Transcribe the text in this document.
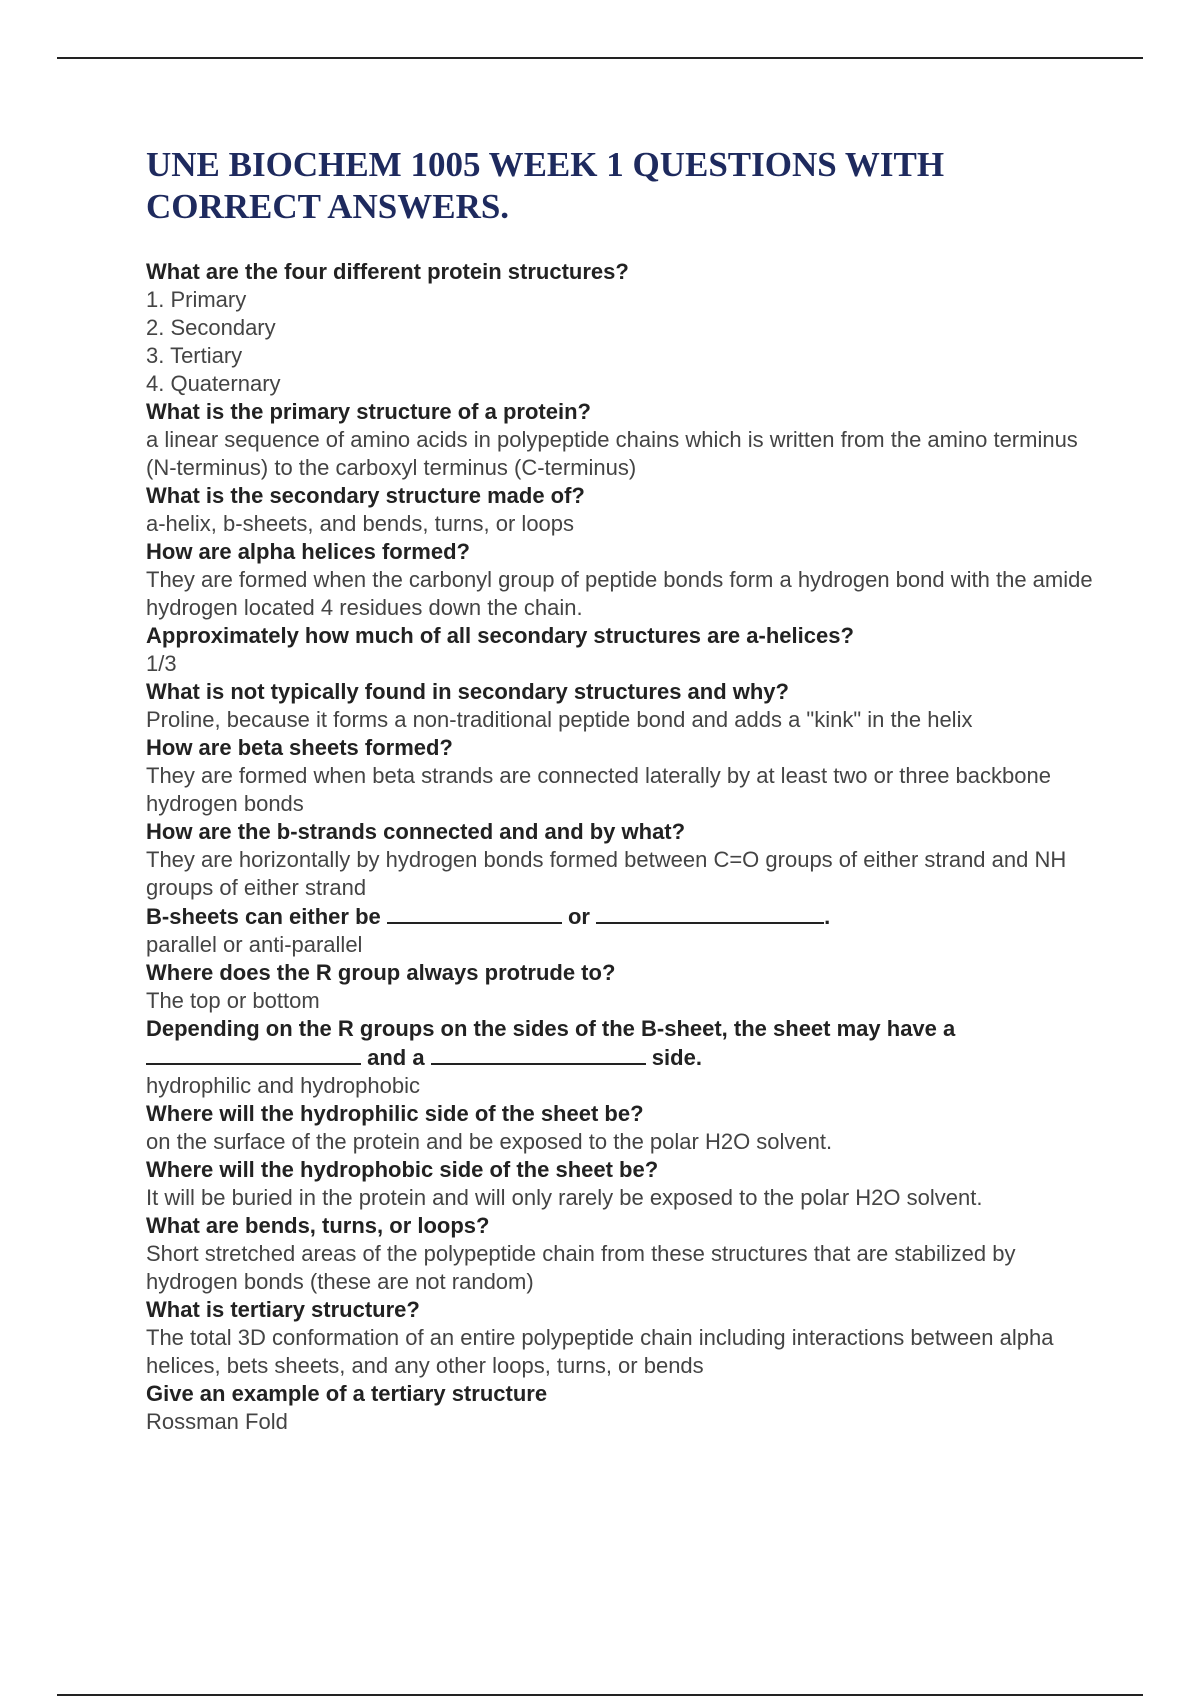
UNE BIOCHEM 1005 WEEK 1 QUESTIONS WITH CORRECT ANSWERS.

What are the four different protein structures?

1. Primary

2. Secondary

3. Tertiary

4. Quaternary

What is the primary structure of a protein?

a linear sequence of amino acids in polypeptide chains which is written from the amino terminus (N-terminus) to the carboxyl terminus (C-terminus)

What is the secondary structure made of?

a-helix, b-sheets, and bends, turns, or loops

How are alpha helices formed?

They are formed when the carbonyl group of peptide bonds form a hydrogen bond with the amide hydrogen located 4 residues down the chain.

Approximately how much of all secondary structures are a-helices?

1/3

What is not typically found in secondary structures and why?

Proline, because it forms a non-traditional peptide bond and adds a "kink" in the helix

How are beta sheets formed?

They are formed when beta strands are connected laterally by at least two or three backbone hydrogen bonds

How are the b-strands connected and and by what?

They are horizontally by hydrogen bonds formed between C=O groups of either strand and NH groups of either strand

B-sheets can either be	or	.

parallel or anti-parallel

Where does the R group always protrude to?

The top or bottom

Depending on the R groups on the sides of the B-sheet, the sheet may have a
and a	side.

hydrophilic and hydrophobic

Where will the hydrophilic side of the sheet be?

on the surface of the protein and be exposed to the polar H2O solvent.

Where will the hydrophobic side of the sheet be?

It will be buried in the protein and will only rarely be exposed to the polar H2O solvent.

What are bends, turns, or loops?

Short stretched areas of the polypeptide chain from these structures that are stabilized by hydrogen bonds (these are not random)

What is tertiary structure?

The total 3D conformation of an entire polypeptide chain including interactions between alpha helices, bets sheets, and any other loops, turns, or bends

Give an example of a tertiary structure

Rossman Fold
